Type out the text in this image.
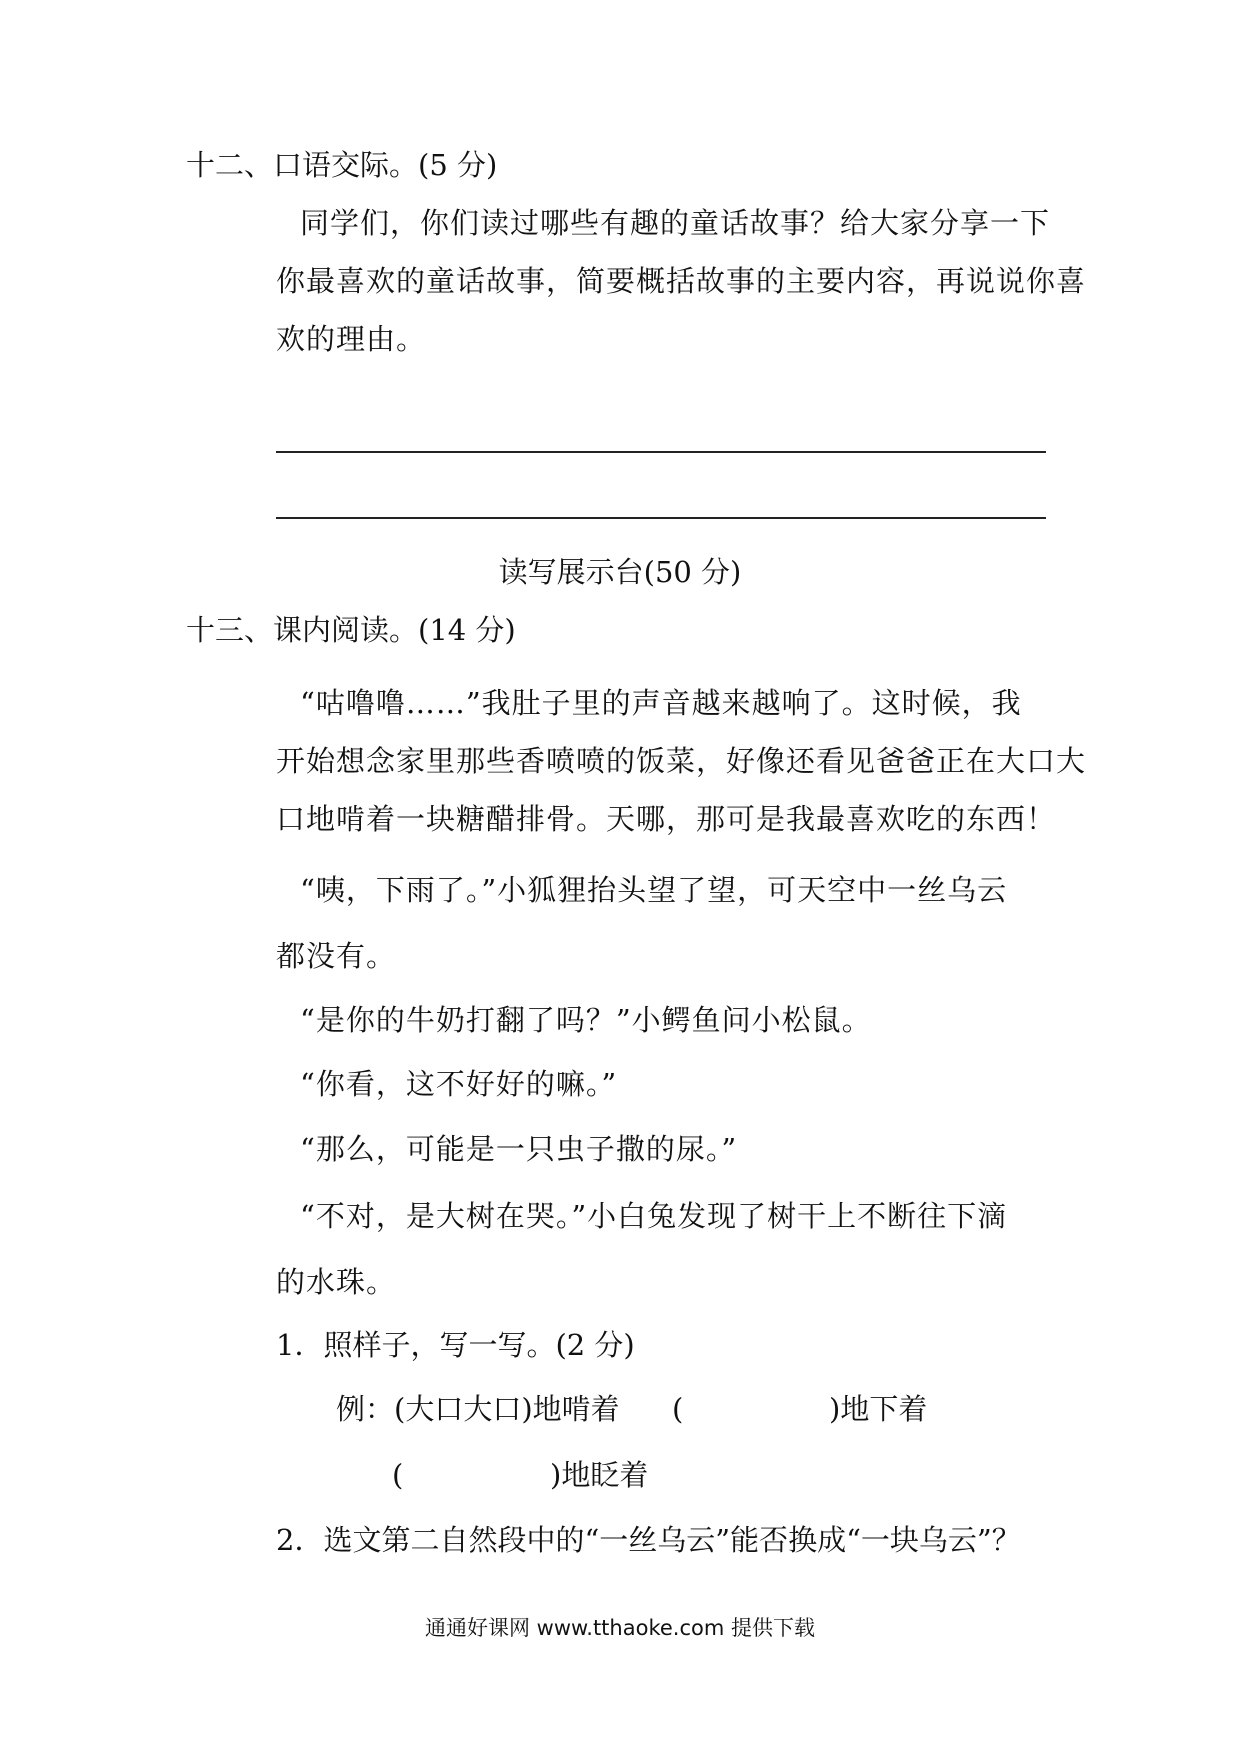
十二、口语交际。(5 分)
同学们，你们读过哪些有趣的童话故事？给大家分享一下
你最喜欢的童话故事，简要概括故事的主要内容，再说说你喜
欢的理由。
读写展示台(50 分)
十三、课内阅读。(14 分)
“咕噜噜……”我肚子里的声音越来越响了。这时候，我
开始想念家里那些香喷喷的饭菜，好像还看见爸爸正在大口大
口地啃着一块糖醋排骨。天哪，那可是我最喜欢吃的东西！
“咦，下雨了。”小狐狸抬头望了望，可天空中一丝乌云
都没有。
“是你的牛奶打翻了吗？”小鳄鱼问小松鼠。
“你看，这不好好的嘛。”
“那么，可能是一只虫子撒的尿。”
“不对，是大树在哭。”小白兔发现了树干上不断往下滴
的水珠。
1．照样子，写一写。(2 分)
例：(大口大口)地啃着 (	)地下着
(	)地眨着
2．选文第二自然段中的“一丝乌云”能否换成“一块乌云”？
通通好课网 www.tthaoke.com 提供下载
